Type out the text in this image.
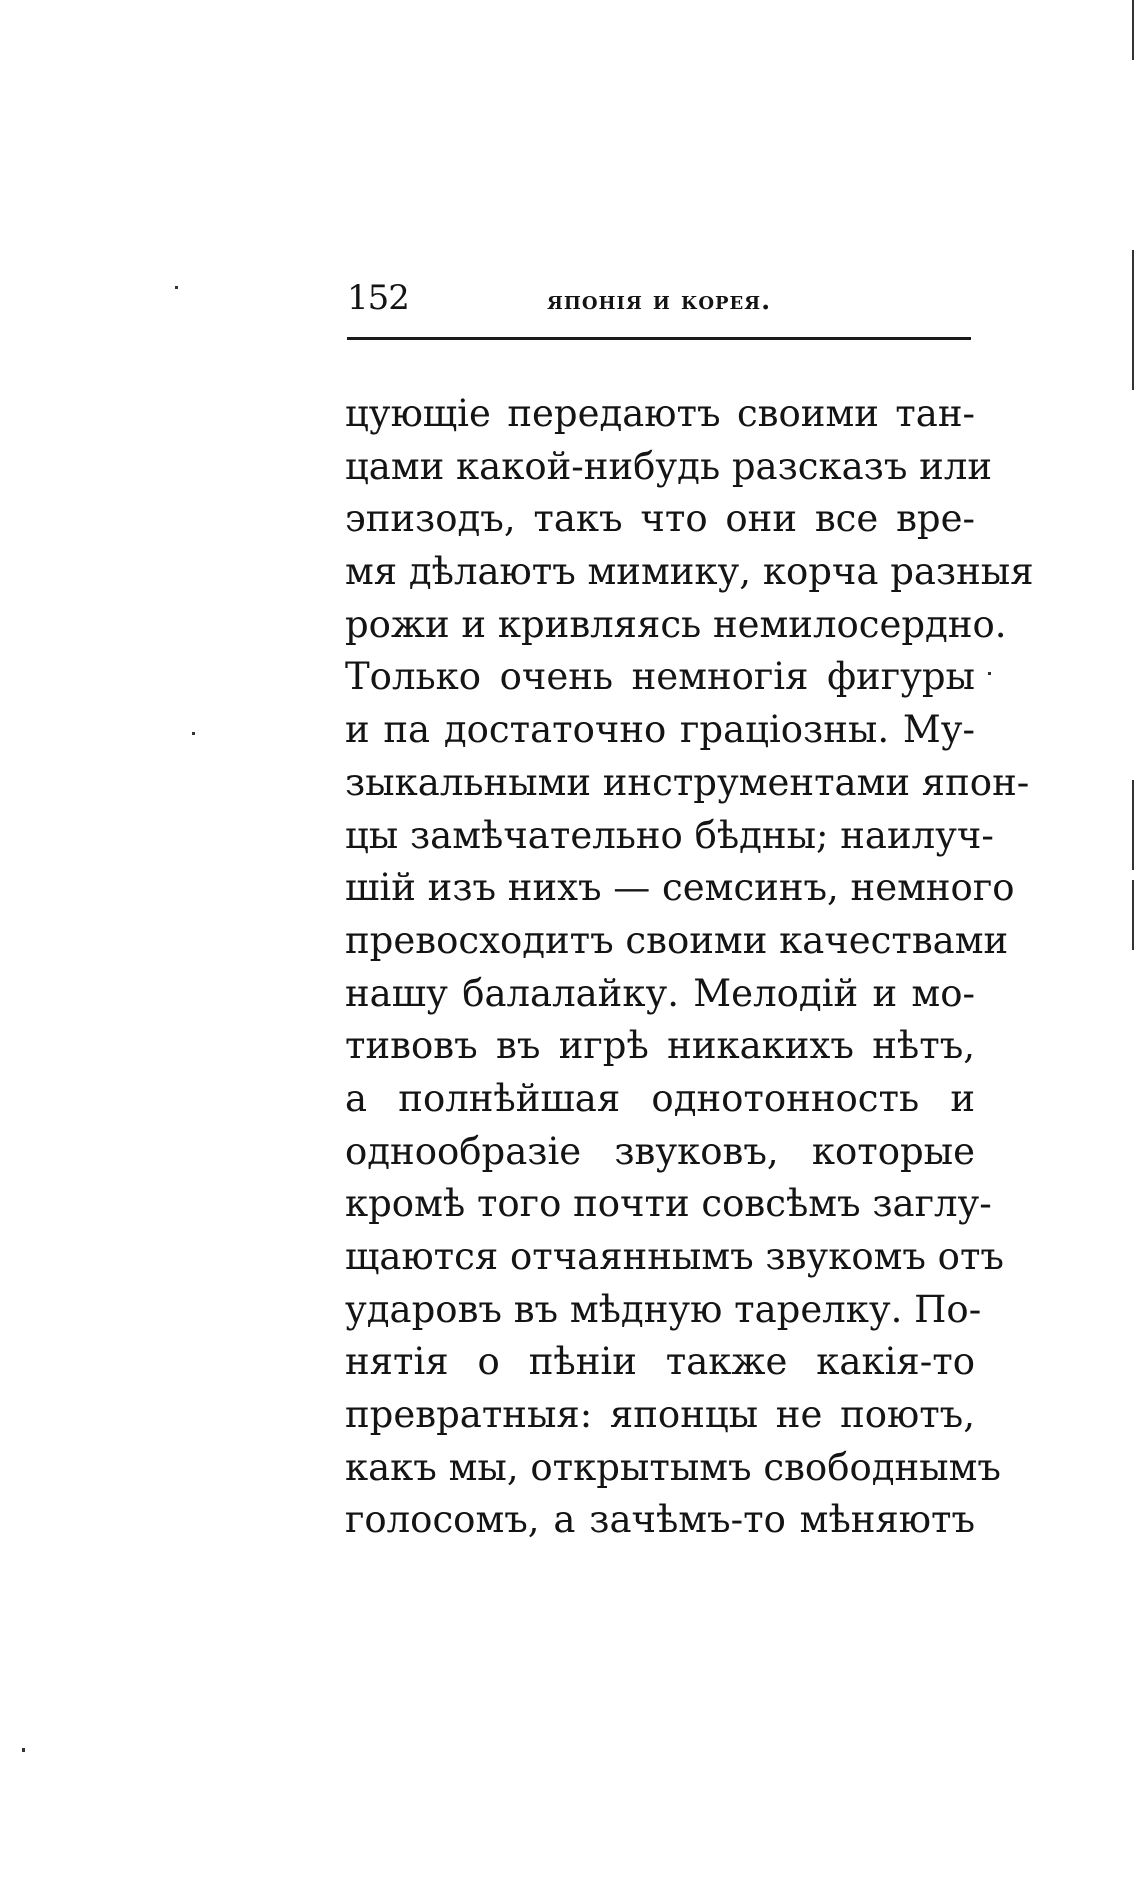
152	японія и корея.
цующіе передаютъ своими тан-
цами какой-нибудь разсказъ или
эпизодъ, такъ что они все вре-
мя дѣлаютъ мимику, корча разныя
рожи и кривляясь немилосердно.
Только очень немногія фигуры
и па достаточно граціозны. Му-
зыкальными инструментами япон-
цы замѣчательно бѣдны; наилуч-
шій изъ нихъ — семсинъ, немного
превосходитъ своими качествами
нашу балалайку. Мелодій и мо-
тивовъ въ игрѣ никакихъ нѣтъ,
а полнѣйшая однотонность и
однообразіе звуковъ, которые
кромѣ того почти совсѣмъ заглу-
щаются отчаяннымъ звукомъ отъ
ударовъ въ мѣдную тарелку. По-
нятія о пѣніи также какія-то
превратныя: японцы не поютъ,
какъ мы, открытымъ свободнымъ
голосомъ, а зачѣмъ-то мѣняютъ
